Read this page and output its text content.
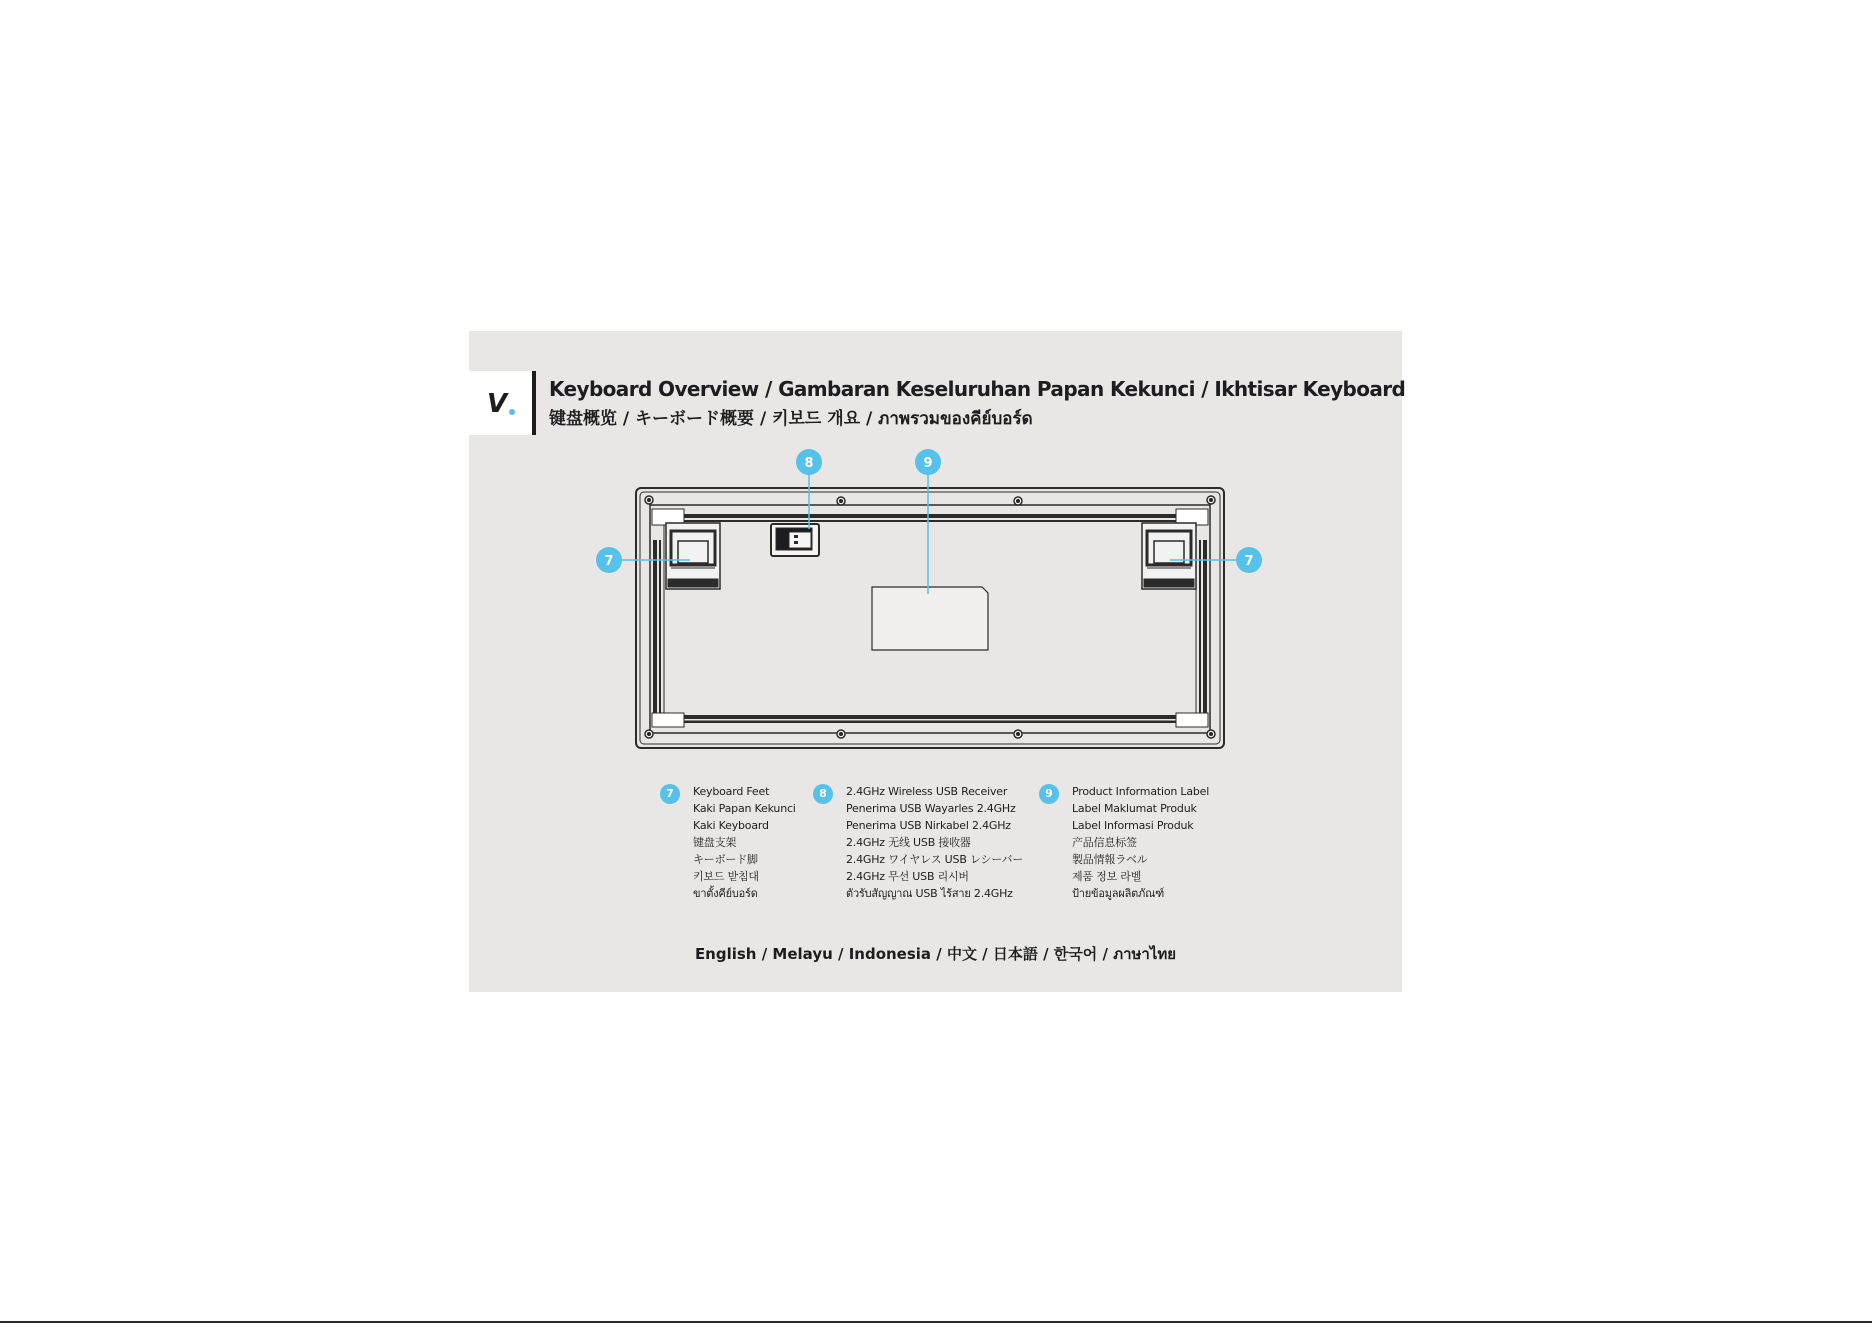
V Keyboard Overview / Gambaran Keseluruhan Papan Kekunci / Ikhtisar Keyboard
键盘概览 / キーボード概要 / 키보드 개요 / ภาพรวมของคีย์บอร์ด
7	7
8	9
7	Keyboard Feet
Kaki Papan Kekunci
Kaki Keyboard
键盘支架
キーボード脚
키보드 받침대
ขาตั้งคีย์บอร์ด
8	2.4GHz Wireless USB Receiver
Penerima USB Wayarles 2.4GHz
Penerima USB Nirkabel 2.4GHz
2.4GHz 无线 USB 接收器
2.4GHz ワイヤレス USB レシーバー
2.4GHz 무선 USB 리시버
ตัวรับสัญญาณ USB ไร้สาย 2.4GHz
9	Product Information Label
Label Maklumat Produk
Label Informasi Produk
产品信息标签
製品情報ラベル
제품 정보 라벨
ป้ายข้อมูลผลิตภัณฑ์
English / Melayu / Indonesia / 中文 / 日本語 / 한국어 / ภาษาไทย
